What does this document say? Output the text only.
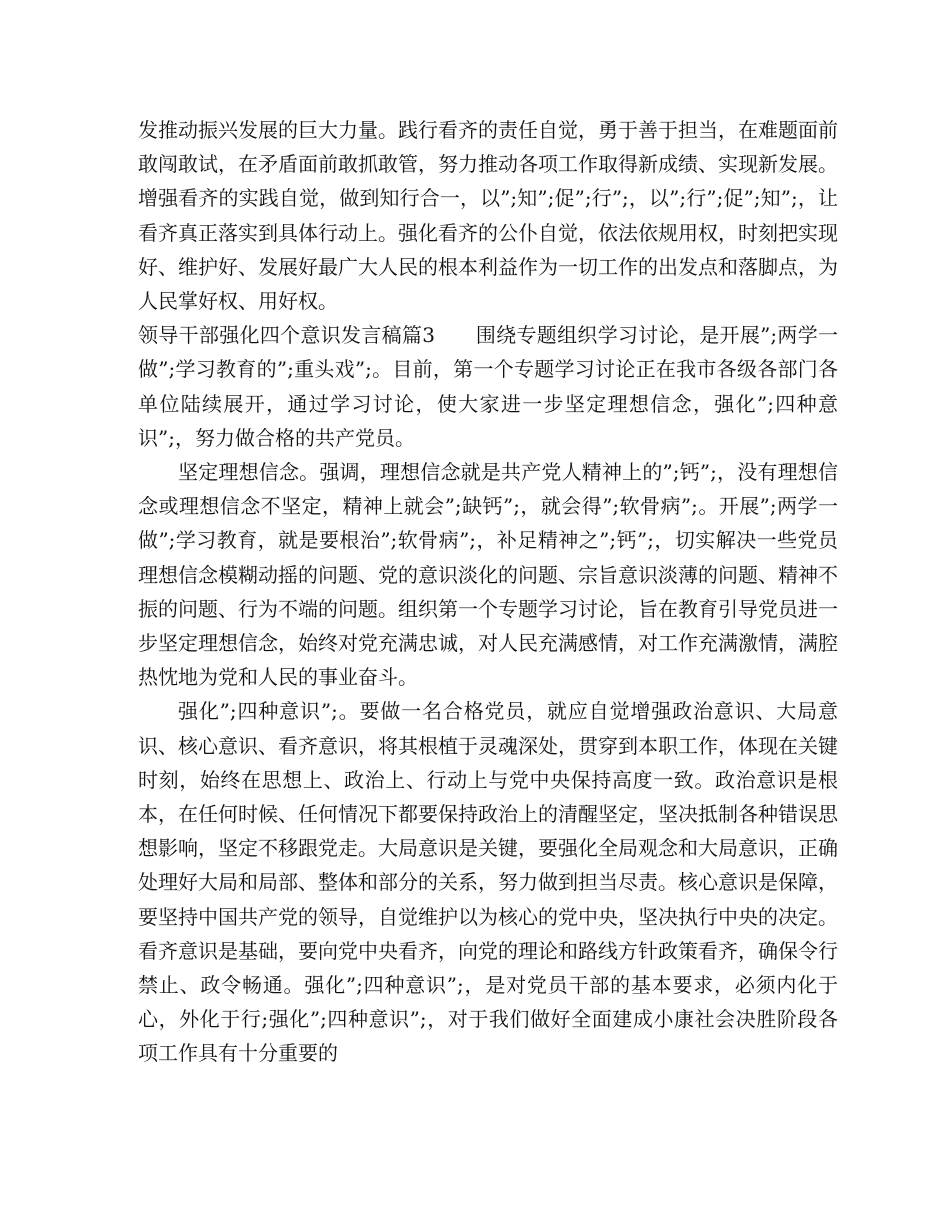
发推动振兴发展的巨大力量。践行看齐的责任自觉，勇于善于担当，在难题面前敢闯敢试，在矛盾面前敢抓敢管，努力推动各项工作取得新成绩、实现新发展。增强看齐的实践自觉，做到知行合一，以”;知”;促”;行”;，以”;行”;促”;知”;，让看齐真正落实到具体行动上。强化看齐的公仆自觉，依法依规用权，时刻把实现好、维护好、发展好最广大人民的根本利益作为一切工作的出发点和落脚点，为人民掌好权、用好权。

领导干部强化四个意识发言稿篇3　　围绕专题组织学习讨论，是开展”;两学一做”;学习教育的”;重头戏”;。目前，第一个专题学习讨论正在我市各级各部门各单位陆续展开，通过学习讨论，使大家进一步坚定理想信念，强化”;四种意识”;，努力做合格的共产党员。

坚定理想信念。强调，理想信念就是共产党人精神上的”;钙”;，没有理想信念或理想信念不坚定，精神上就会”;缺钙”;，就会得”;软骨病”;。开展”;两学一做”;学习教育，就是要根治”;软骨病”;，补足精神之”;钙”;，切实解决一些党员理想信念模糊动摇的问题、党的意识淡化的问题、宗旨意识淡薄的问题、精神不振的问题、行为不端的问题。组织第一个专题学习讨论，旨在教育引导党员进一步坚定理想信念，始终对党充满忠诚，对人民充满感情，对工作充满激情，满腔热忱地为党和人民的事业奋斗。

强化”;四种意识”;。要做一名合格党员，就应自觉增强政治意识、大局意识、核心意识、看齐意识，将其根植于灵魂深处，贯穿到本职工作，体现在关键时刻，始终在思想上、政治上、行动上与党中央保持高度一致。政治意识是根本，在任何时候、任何情况下都要保持政治上的清醒坚定，坚决抵制各种错误思想影响，坚定不移跟党走。大局意识是关键，要强化全局观念和大局意识，正确处理好大局和局部、整体和部分的关系，努力做到担当尽责。核心意识是保障，要坚持中国共产党的领导，自觉维护以为核心的党中央，坚决执行中央的决定。看齐意识是基础，要向党中央看齐，向党的理论和路线方针政策看齐，确保令行禁止、政令畅通。强化”;四种意识”;，是对党员干部的基本要求，必须内化于心，外化于行;强化”;四种意识”;，对于我们做好全面建成小康社会决胜阶段各项工作具有十分重要的
